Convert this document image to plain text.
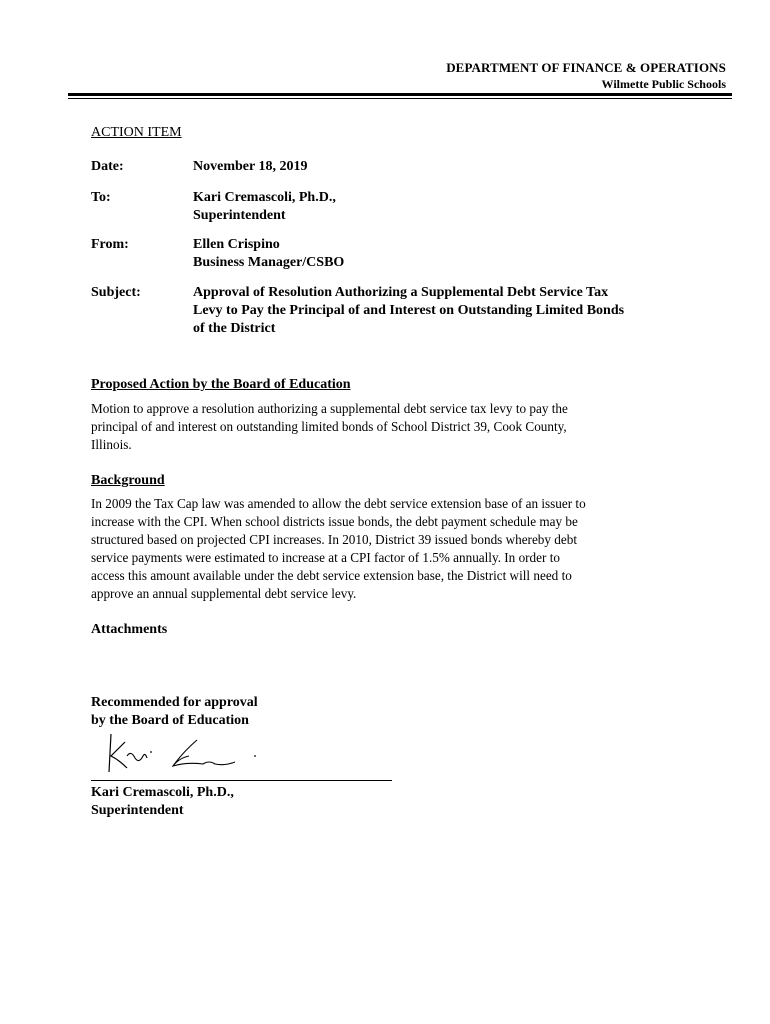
DEPARTMENT OF FINANCE & OPERATIONS
Wilmette Public Schools
ACTION ITEM
Date:	November 18, 2019
To:	Kari Cremascoli, Ph.D.,
Superintendent
From:	Ellen Crispino
Business Manager/CSBO
Subject:	Approval of Resolution Authorizing a Supplemental Debt Service Tax
Levy to Pay the Principal of and Interest on Outstanding Limited Bonds
of the District
Proposed Action by the Board of Education
Motion to approve a resolution authorizing a supplemental debt service tax levy to pay the
principal of and interest on outstanding limited bonds of School District 39, Cook County,
Illinois.
Background
In 2009 the Tax Cap law was amended to allow the debt service extension base of an issuer to
increase with the CPI. When school districts issue bonds, the debt payment schedule may be
structured based on projected CPI increases. In 2010, District 39 issued bonds whereby debt
service payments were estimated to increase at a CPI factor of 1.5% annually. In order to
access this amount available under the debt service extension base, the District will need to
approve an annual supplemental debt service levy.
Attachments
Recommended for approval
by the Board of Education
Kari Cremascoli, Ph.D.,
Superintendent
